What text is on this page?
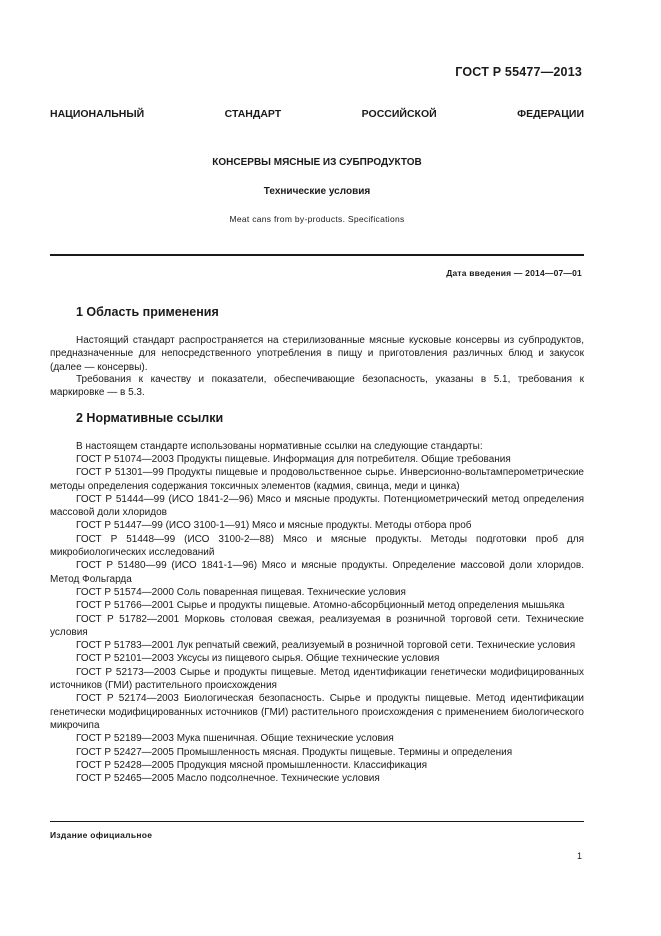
ГОСТ Р 55477—2013
НАЦИОНАЛЬНЫЙ СТАНДАРТ РОССИЙСКОЙ ФЕДЕРАЦИИ
КОНСЕРВЫ МЯСНЫЕ ИЗ СУБПРОДУКТОВ
Технические условия
Meat cans from by-products. Specifications
Дата введения — 2014—07—01
1 Область применения
Настоящий стандарт распространяется на стерилизованные мясные кусковые консервы из субпродуктов, предназначенные для непосредственного употребления в пищу и приготовления различных блюд и закусок (далее — консервы).
Требования к качеству и показатели, обеспечивающие безопасность, указаны в 5.1, требования к маркировке — в 5.3.
2 Нормативные ссылки
В настоящем стандарте использованы нормативные ссылки на следующие стандарты:
ГОСТ Р 51074—2003 Продукты пищевые. Информация для потребителя. Общие требования
ГОСТ Р 51301—99 Продукты пищевые и продовольственное сырье. Инверсионно-вольтамперометрические методы определения содержания токсичных элементов (кадмия, свинца, меди и цинка)
ГОСТ Р 51444—99 (ИСО 1841-2—96) Мясо и мясные продукты. Потенциометрический метод определения массовой доли хлоридов
ГОСТ Р 51447—99 (ИСО 3100-1—91) Мясо и мясные продукты. Методы отбора проб
ГОСТ Р 51448—99 (ИСО 3100-2—88) Мясо и мясные продукты. Методы подготовки проб для микробиологических исследований
ГОСТ Р 51480—99 (ИСО 1841-1—96) Мясо и мясные продукты. Определение массовой доли хлоридов. Метод Фольгарда
ГОСТ Р 51574—2000 Соль поваренная пищевая. Технические условия
ГОСТ Р 51766—2001 Сырье и продукты пищевые. Атомно-абсорбционный метод определения мышьяка
ГОСТ Р 51782—2001 Морковь столовая свежая, реализуемая в розничной торговой сети. Технические условия
ГОСТ Р 51783—2001 Лук репчатый свежий, реализуемый в розничной торговой сети. Технические условия
ГОСТ Р 52101—2003 Уксусы из пищевого сырья. Общие технические условия
ГОСТ Р 52173—2003 Сырье и продукты пищевые. Метод идентификации генетически модифицированных источников (ГМИ) растительного происхождения
ГОСТ Р 52174—2003 Биологическая безопасность. Сырье и продукты пищевые. Метод идентификации генетически модифицированных источников (ГМИ) растительного происхождения с применением биологического микрочипа
ГОСТ Р 52189—2003 Мука пшеничная. Общие технические условия
ГОСТ Р 52427—2005 Промышленность мясная. Продукты пищевые. Термины и определения
ГОСТ Р 52428—2005 Продукция мясной промышленности. Классификация
ГОСТ Р 52465—2005 Масло подсолнечное. Технические условия
Издание официальное
1
